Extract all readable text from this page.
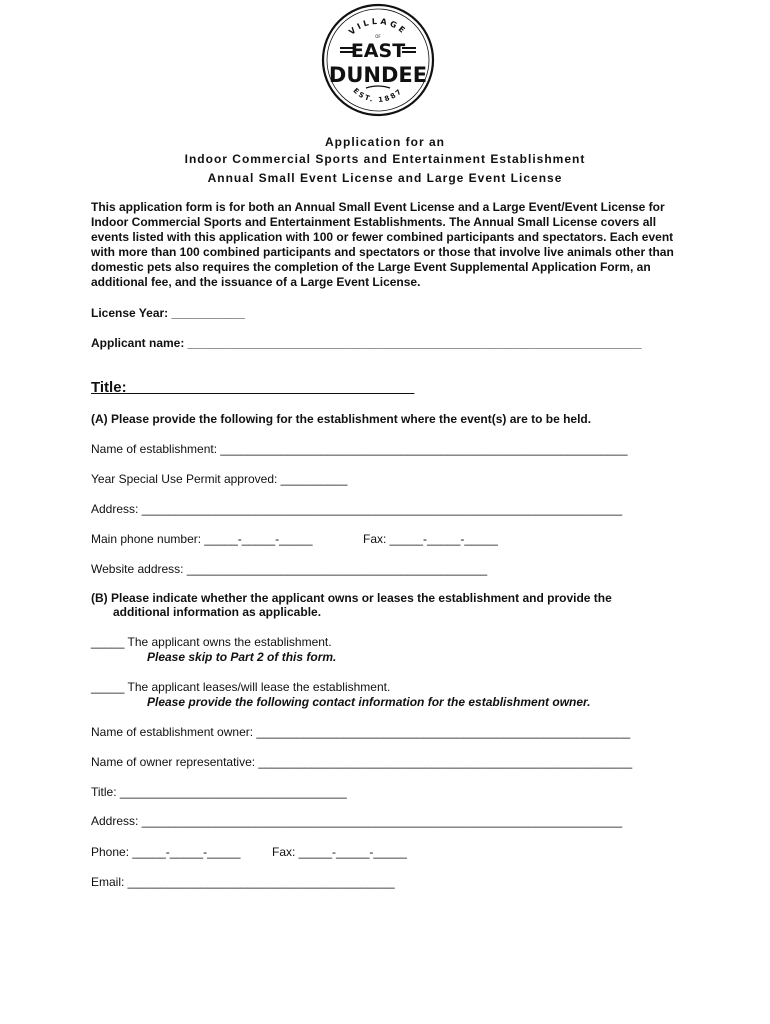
VILLAGE
OF
EAST
DUNDEE
EST. 1887
Application for an
Indoor Commercial Sports and Entertainment Establishment
Annual Small Event License and Large Event License
This application form is for both an Annual Small Event License and a Large Event/Event License for Indoor Commercial Sports and Entertainment Establishments. The Annual Small License covers all events listed with this application with 100 or fewer combined participants and spectators. Each event with more than 100 combined participants and spectators or those that involve live animals other than domestic pets also requires the completion of the Large Event Supplemental Application Form, an additional fee, and the issuance of a Large Event License.
License Year: ___________
Applicant name: ____________________________________________________________________
Title: __________________________________
(A) Please provide the following for the establishment where the event(s) are to be held.
Name of establishment: _____________________________________________________________
Year Special Use Permit approved: __________
Address: ________________________________________________________________________
Main phone number: _____-_____-_____	Fax: _____-_____-_____
Website address: _____________________________________________
(B) Please indicate whether the applicant owns or leases the establishment and provide the
additional information as applicable.
_____ The applicant owns the establishment.
Please skip to Part 2 of this form.
_____ The applicant leases/will lease the establishment.
Please provide the following contact information for the establishment owner.
Name of establishment owner: ________________________________________________________
Name of owner representative: ________________________________________________________
Title: __________________________________
Address: ________________________________________________________________________
Phone: _____-_____-_____	Fax: _____-_____-_____
Email: ________________________________________
